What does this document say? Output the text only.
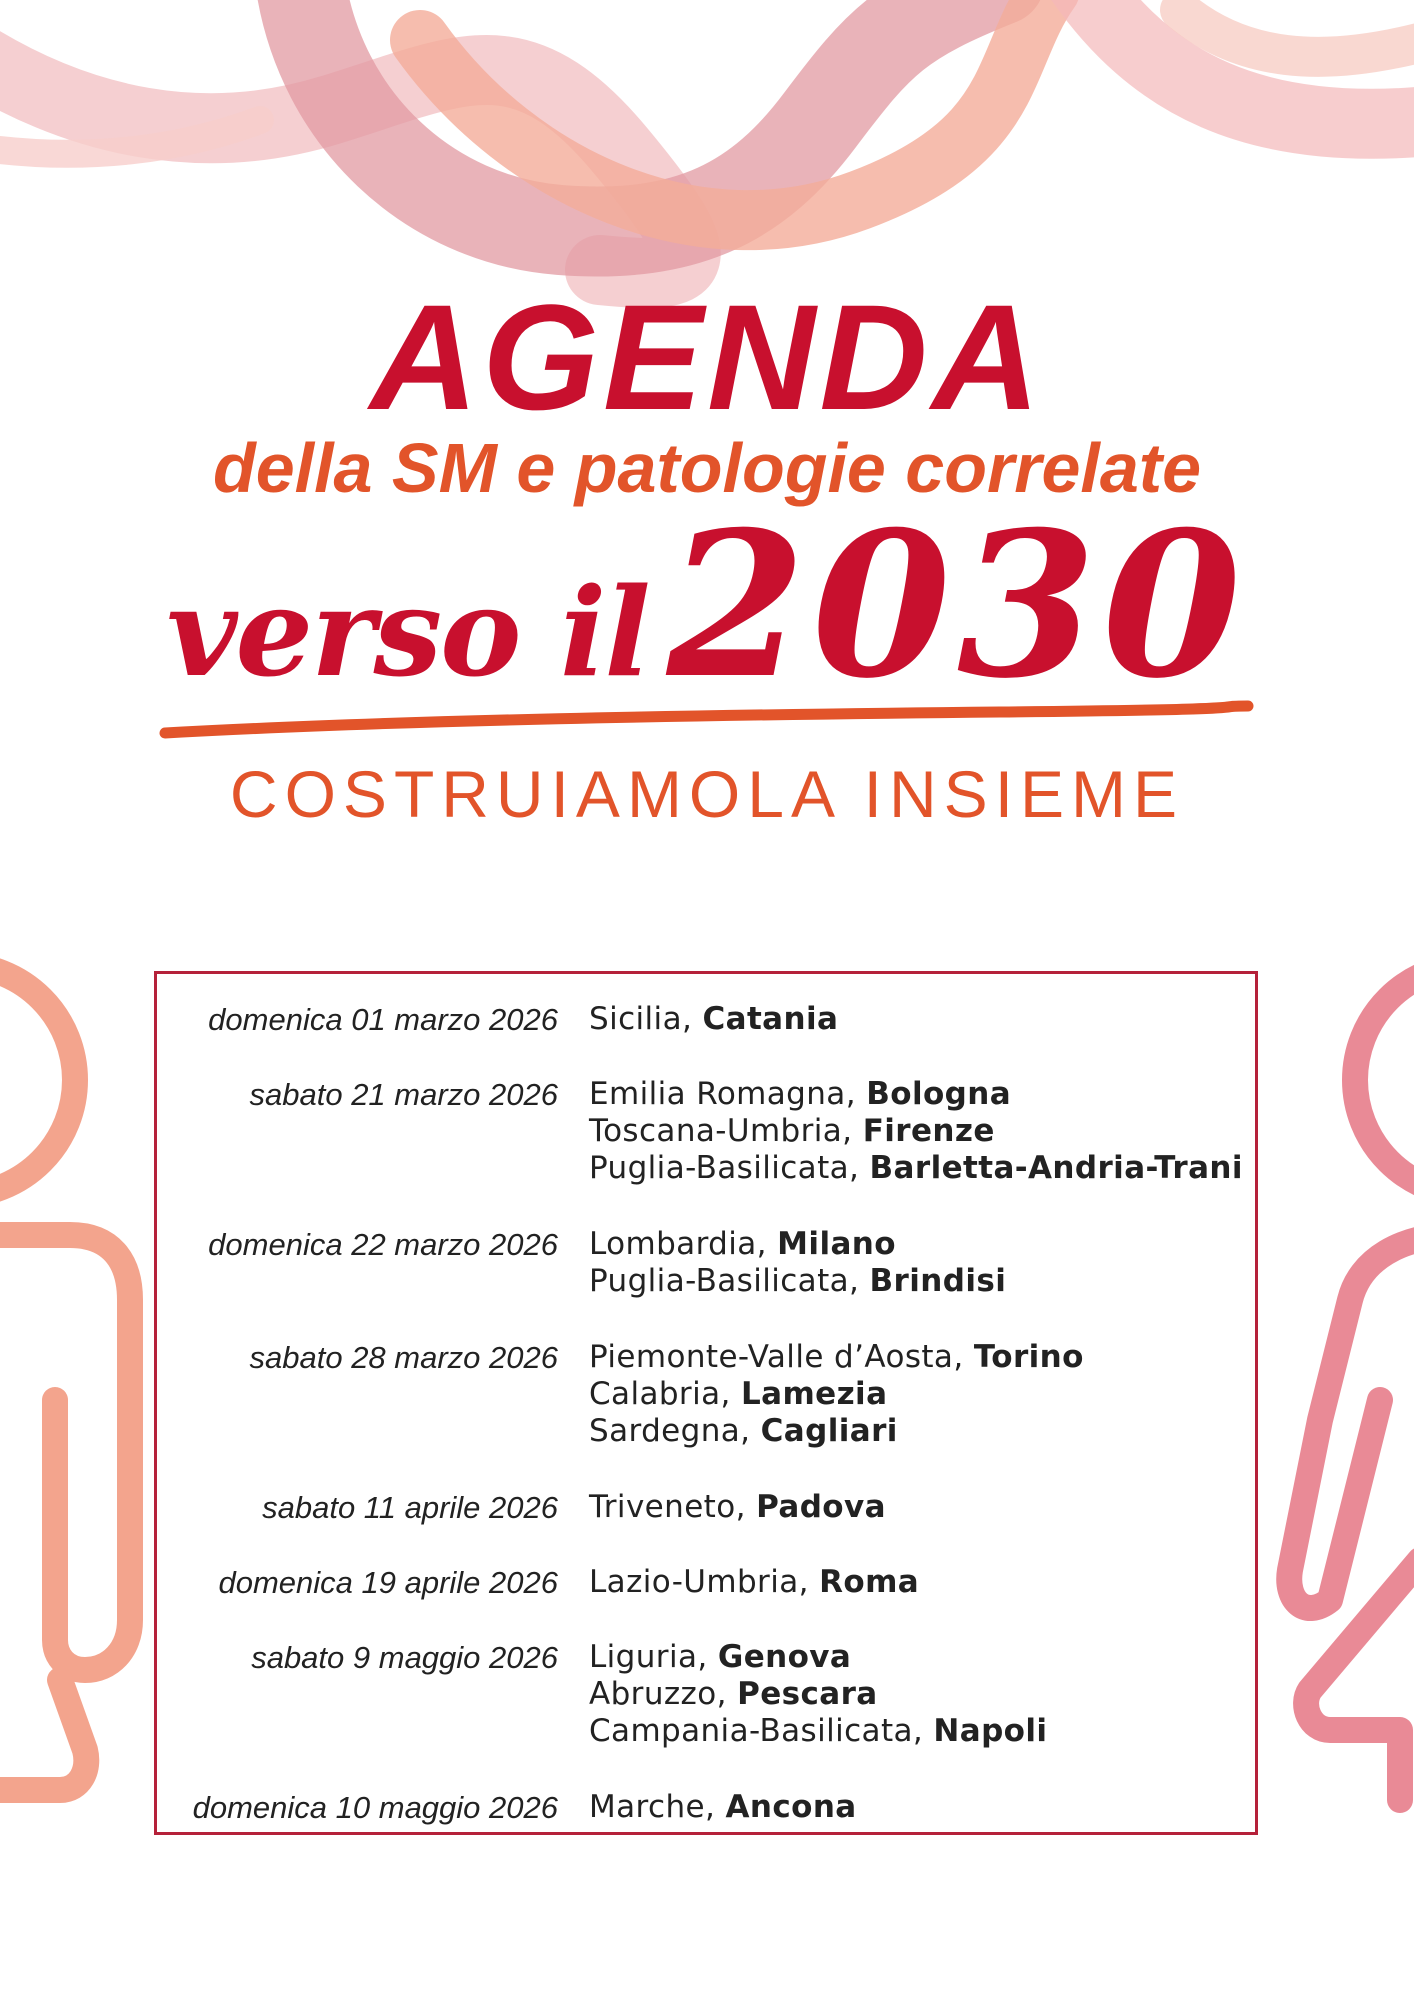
AGENDA
della SM e patologie correlate
verso il2030
COSTRUIAMOLA INSIEME
domenica 01 marzo 2026 Sicilia, Catania
sabato 21 marzo 2026 Emilia Romagna, Bologna
Toscana-Umbria, Firenze
Puglia-Basilicata, Barletta-Andria-Trani
domenica 22 marzo 2026 Lombardia, Milano
Puglia-Basilicata, Brindisi
sabato 28 marzo 2026 Piemonte-Valle d’Aosta, Torino
Calabria, Lamezia
Sardegna, Cagliari
sabato 11 aprile 2026 Triveneto, Padova
domenica 19 aprile 2026 Lazio-Umbria, Roma
sabato 9 maggio 2026 Liguria, Genova
Abruzzo, Pescara
Campania-Basilicata, Napoli
domenica 10 maggio 2026 Marche, Ancona
